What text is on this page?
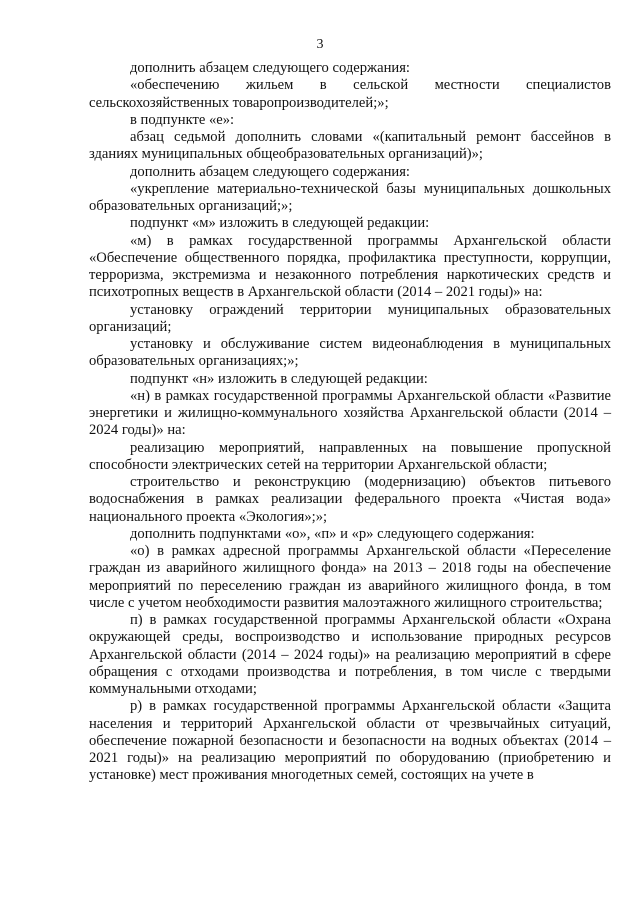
3

дополнить абзацем следующего содержания:

«обеспечению жильем в сельской местности специалистов сельскохозяйственных товаропроизводителей;»;

в подпункте «е»:

абзац седьмой дополнить словами «(капитальный ремонт бассейнов в зданиях муниципальных общеобразовательных организаций)»;

дополнить абзацем следующего содержания:

«укрепление материально-технической базы муниципальных дошкольных образовательных организаций;»;

подпункт «м» изложить в следующей редакции:

«м) в рамках государственной программы Архангельской области «Обеспечение общественного порядка, профилактика преступности, коррупции, терроризма, экстремизма и незаконного потребления наркотических средств и психотропных веществ в Архангельской области (2014 – 2021 годы)» на:

установку ограждений территории муниципальных образовательных организаций;

установку и обслуживание систем видеонаблюдения в муниципальных образовательных организациях;»;

подпункт «н» изложить в следующей редакции:

«н) в рамках государственной программы Архангельской области «Развитие энергетики и жилищно-коммунального хозяйства Архангельской области (2014 – 2024 годы)» на:

реализацию мероприятий, направленных на повышение пропускной способности электрических сетей на территории Архангельской области;

строительство и реконструкцию (модернизацию) объектов питьевого водоснабжения в рамках реализации федерального проекта «Чистая вода» национального проекта «Экология»;»;

дополнить подпунктами «о», «п» и «р» следующего содержания:

«о) в рамках адресной программы Архангельской области «Переселение граждан из аварийного жилищного фонда» на 2013 – 2018 годы на обеспечение мероприятий по переселению граждан из аварийного жилищного фонда, в том числе с учетом необходимости развития малоэтажного жилищного строительства;

п) в рамках государственной программы Архангельской области «Охрана окружающей среды, воспроизводство и использование природных ресурсов Архангельской области (2014 – 2024 годы)» на реализацию мероприятий в сфере обращения с отходами производства и потребления, в том числе с твердыми коммунальными отходами;

р) в рамках государственной программы Архангельской области «Защита населения и территорий Архангельской области от чрезвычайных ситуаций, обеспечение пожарной безопасности и безопасности на водных объектах (2014 – 2021 годы)» на реализацию мероприятий по оборудованию (приобретению и установке) мест проживания многодетных семей, состоящих на учете в
